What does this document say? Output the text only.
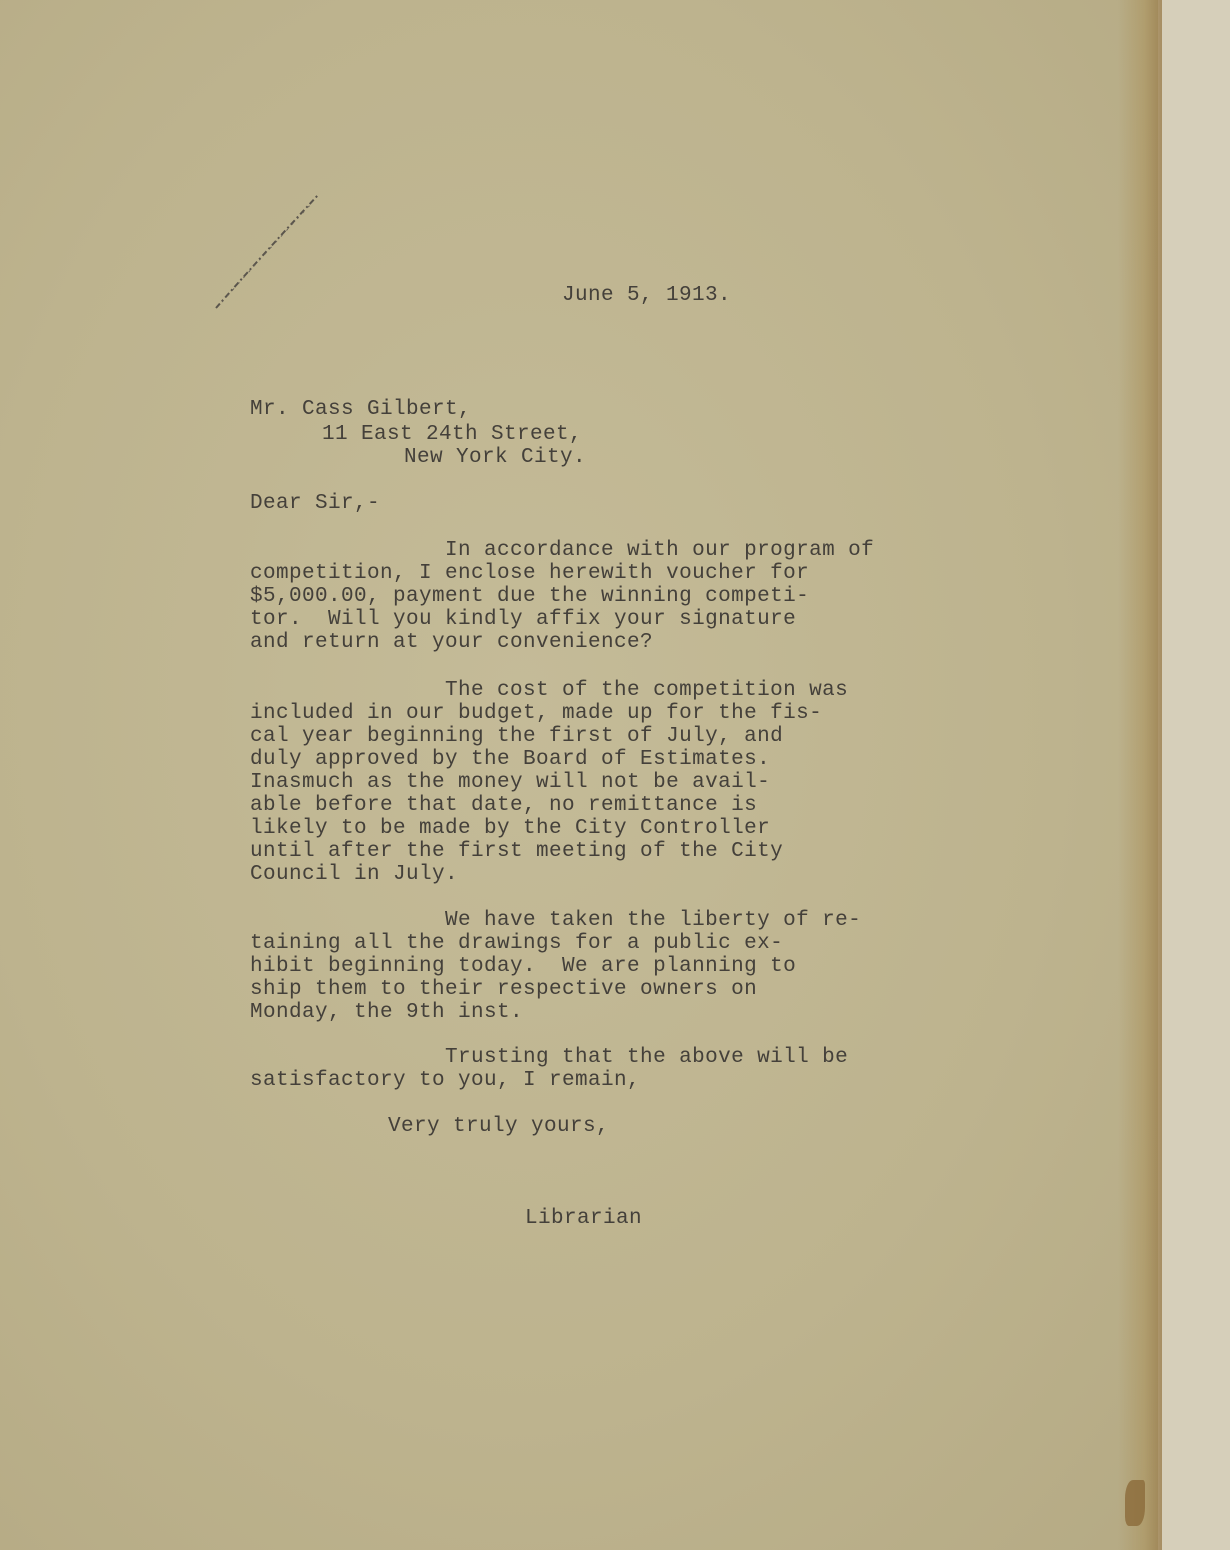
June 5, 1913.
Mr. Cass Gilbert,
11 East 24th Street,
New York City.
Dear Sir,-
In accordance with our program of
competition, I enclose herewith voucher for
$5,000.00, payment due the winning competi-
tor.  Will you kindly affix your signature
and return at your convenience?
The cost of the competition was
included in our budget, made up for the fis-
cal year beginning the first of July, and
duly approved by the Board of Estimates.
Inasmuch as the money will not be avail-
able before that date, no remittance is
likely to be made by the City Controller
until after the first meeting of the City
Council in July.
We have taken the liberty of re-
taining all the drawings for a public ex-
hibit beginning today.  We are planning to
ship them to their respective owners on
Monday, the 9th inst.
Trusting that the above will be
satisfactory to you, I remain,
Very truly yours,
Librarian
